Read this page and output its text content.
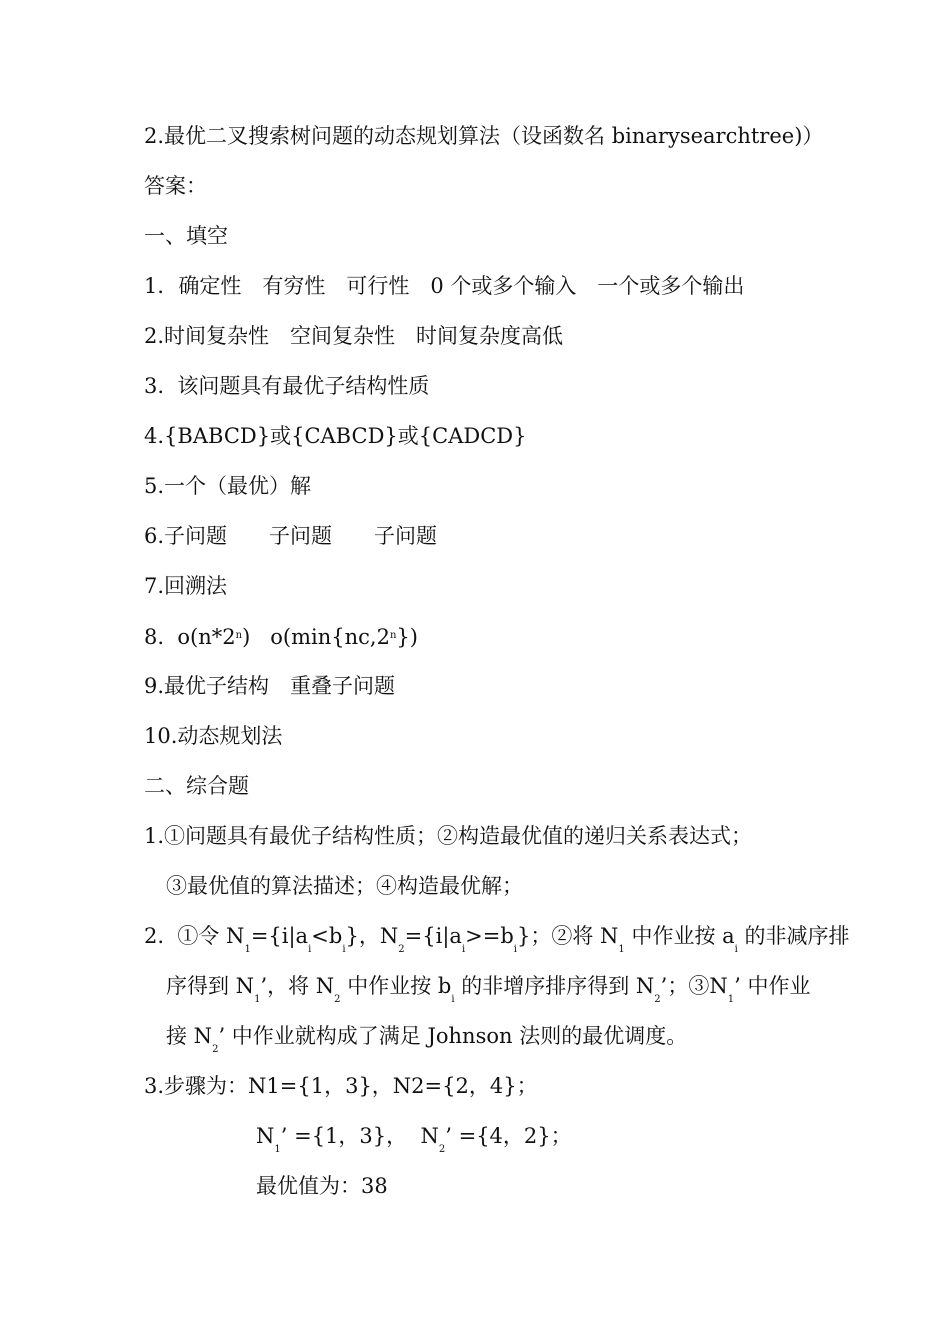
2.最优二叉搜索树问题的动态规划算法（设函数名 binarysearchtree)）
答案：
一、填空
1．确定性　有穷性　可行性　0 个或多个输入　一个或多个输出
2.时间复杂性　空间复杂性　时间复杂度高低
3.  该问题具有最优子结构性质
4.{BABCD}或{CABCD}或{CADCD}
5.一个（最优）解
6.子问题　　子问题　　子问题
7.回溯法
8.  o(n*2$^n$)   o(min{nc,2$^n$})
9.最优子结构　重叠子问题
10.动态规划法
二、综合题
1.①问题具有最优子结构性质；②构造最优值的递归关系表达式；
③最优值的算法描述；④构造最优解；
2.  ①令 $N_1=\{i|a_i<b_i\}$，$N_2=\{i|a_i>=b_i\}$；②将 $N_1$ 中作业按 $a_i$ 的非减序排
序得到 $N_1$’，将 $N_2$ 中作业按 $b_i$ 的非增序排序得到 $N_2$’；$③N_1$’ 中作业
接 $N_2$’ 中作业就构成了满足 Johnson 法则的最优调度。
3.步骤为：N1={1，3}，N2={2，4}；
$N_1$’ ={1，3}，  $N_2$’ ={4，2}；
最优值为：38
